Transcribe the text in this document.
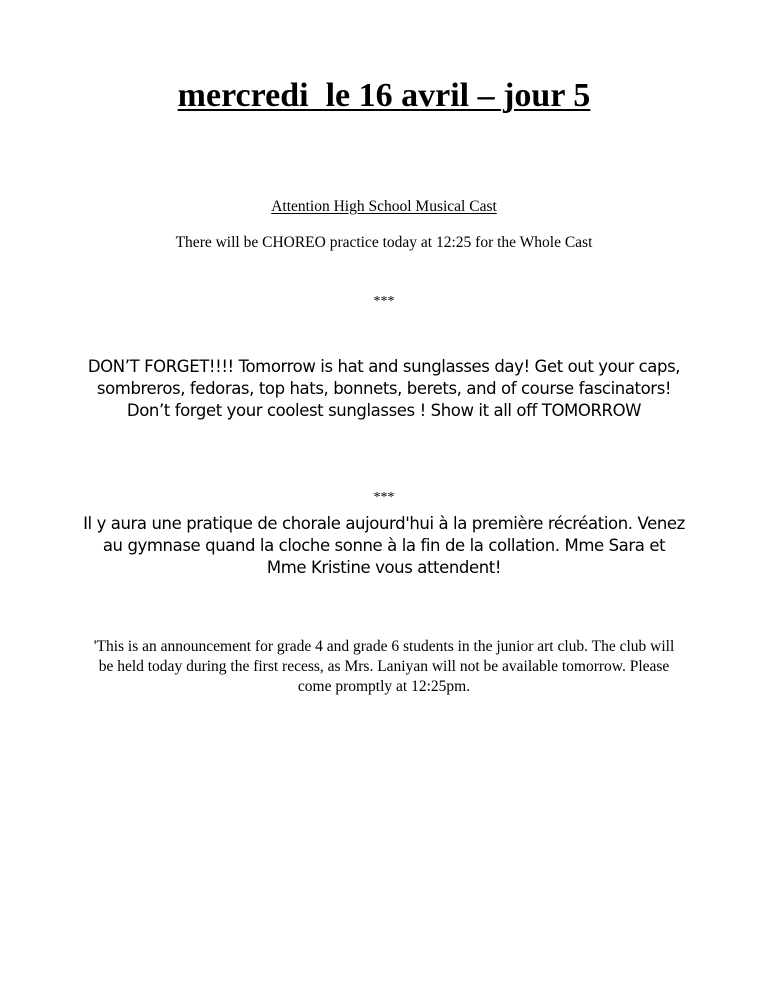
mercredi  le 16 avril – jour 5
Attention High School Musical Cast
There will be CHOREO practice today at 12:25 for the Whole Cast
***
DON’T FORGET!!!! Tomorrow is hat and sunglasses day! Get out your caps,
sombreros, fedoras, top hats, bonnets, berets, and of course fascinators!
Don’t forget your coolest sunglasses ! Show it all off TOMORROW
***
Il y aura une pratique de chorale aujourd'hui à la première récréation. Venez
au gymnase quand la cloche sonne à la fin de la collation. Mme Sara et
Mme Kristine vous attendent!
'This is an announcement for grade 4 and grade 6 students in the junior art club. The club will
be held today during the first recess, as Mrs. Laniyan will not be available tomorrow. Please
come promptly at 12:25pm.
